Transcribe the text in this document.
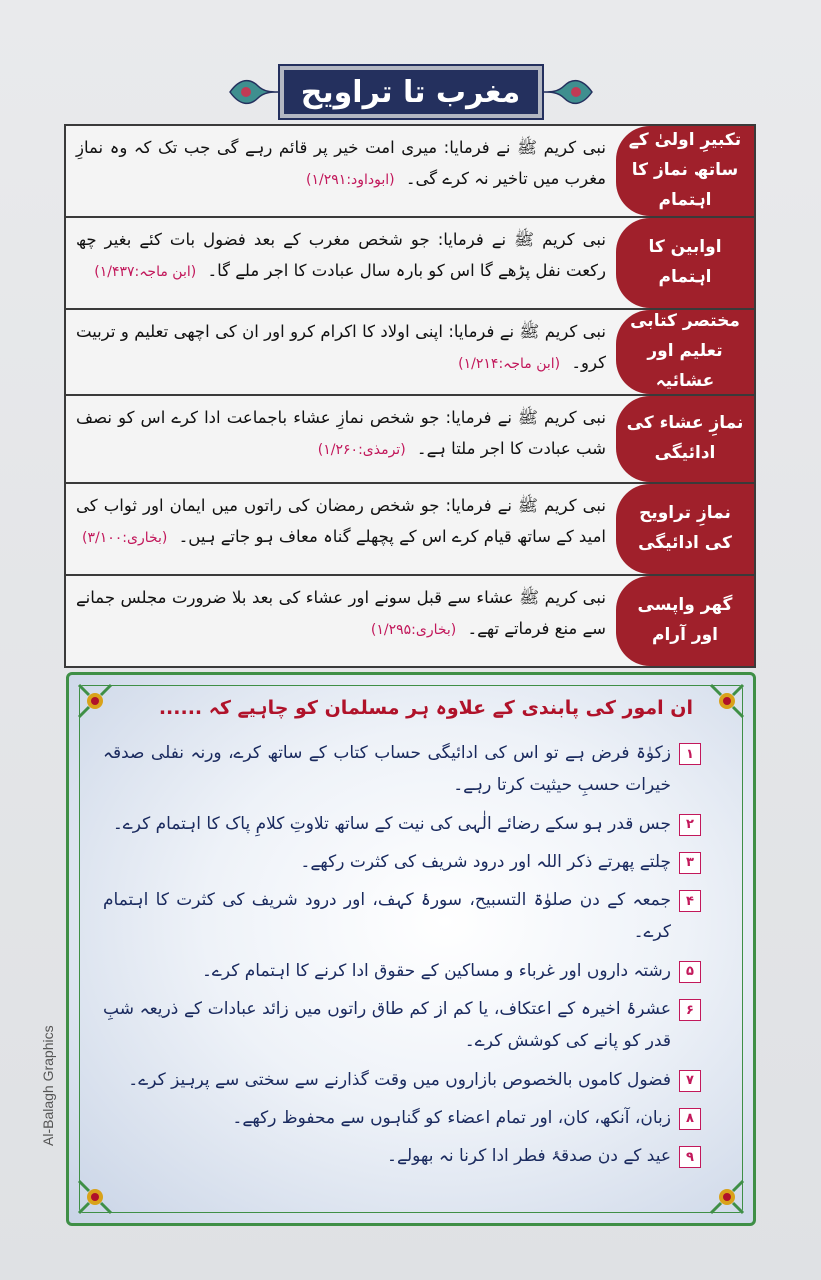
مغرب تا تراویح
تکبیرِ اولیٰ کے ساتھ نماز کا اہتمام
نبی کریم ﷺ نے فرمایا: میری امت خیر پر قائم رہے گی جب تک کہ وہ نمازِ مغرب میں تاخیر نہ کرے گی۔ (ابوداود:۱/۲۹۱)
اوابین کا اہتمام
نبی کریم ﷺ نے فرمایا: جو شخص مغرب کے بعد فضول بات کئے بغیر چھ رکعت نفل پڑھے گا اس کو بارہ سال عبادت کا اجر ملے گا۔ (ابن ماجہ:۱/۴۳۷)
مختصر کتابی تعلیم اور عشائیہ
نبی کریم ﷺ نے فرمایا: اپنی اولاد کا اکرام کرو اور ان کی اچھی تعلیم و تربیت کرو۔ (ابن ماجہ:۱/۲۱۴)
نمازِ عشاء کی ادائیگی
نبی کریم ﷺ نے فرمایا: جو شخص نمازِ عشاء باجماعت ادا کرے اس کو نصف شب عبادت کا اجر ملتا ہے۔ (ترمذی:۱/۲۶۰)
نمازِ تراویح کی ادائیگی
نبی کریم ﷺ نے فرمایا: جو شخص رمضان کی راتوں میں ایمان اور ثواب کی امید کے ساتھ قیام کرے اس کے پچھلے گناہ معاف ہو جاتے ہیں۔ (بخاری:۳/۱۰۰)
گھر واپسی اور آرام
نبی کریم ﷺ عشاء سے قبل سونے اور عشاء کی بعد بلا ضرورت مجلس جمانے سے منع فرماتے تھے۔ (بخاری:۱/۲۹۵)
ان امور کی پابندی کے علاوہ ہر مسلمان کو چاہیے کہ ......
۱
زکوٰۃ فرض ہے تو اس کی ادائیگی حساب کتاب کے ساتھ کرے، ورنہ نفلی صدقہ خیرات حسبِ حیثیت کرتا رہے۔
۲
جس قدر ہو سکے رضائے الٰہی کی نیت کے ساتھ تلاوتِ کلامِ پاک کا اہتمام کرے۔
۳
چلتے پھرتے ذکر اللہ اور درود شریف کی کثرت رکھے۔
۴
جمعہ کے دن صلوٰۃ التسبیح، سورۂ کہف، اور درود شریف کی کثرت کا اہتمام کرے۔
۵
رشتہ داروں اور غرباء و مساکین کے حقوق ادا کرنے کا اہتمام کرے۔
۶
عشرۂ اخیرہ کے اعتکاف، یا کم از کم طاق راتوں میں زائد عبادات کے ذریعہ شبِ قدر کو پانے کی کوشش کرے۔
۷
فضول کاموں بالخصوص بازاروں میں وقت گذارنے سے سختی سے پرہیز کرے۔
۸
زبان، آنکھ، کان، اور تمام اعضاء کو گناہوں سے محفوظ رکھے۔
۹
عید کے دن صدقۂ فطر ادا کرنا نہ بھولے۔
Al-Balagh Graphics
